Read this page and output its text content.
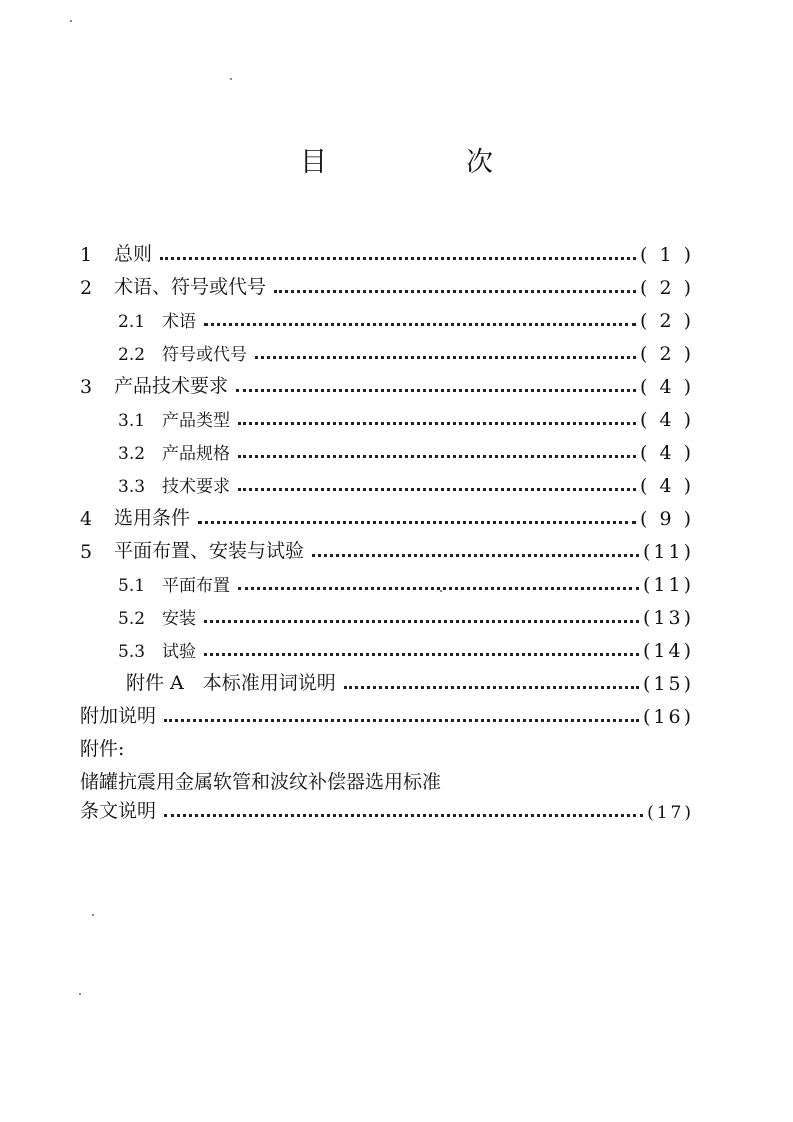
目　次
1	总则	( 1 )
2	术语、符号或代号	( 2 )
2.1 术语	( 2 )
2.2 符号或代号	( 2 )
3	产品技术要求	( 4 )
3.1 产品类型	( 4 )
3.2 产品规格	( 4 )
3.3 技术要求	( 4 )
4	选用条件	( 9 )
5	平面布置、安装与试验	(11)
5.1 平面布置	(11)
5.2 安装	(13)
5.3 试验	(14)
附件 A　本标准用词说明	(15)
附加说明	(16)
附件:
储罐抗震用金属软管和波纹补偿器选用标准
条文说明	(17)
